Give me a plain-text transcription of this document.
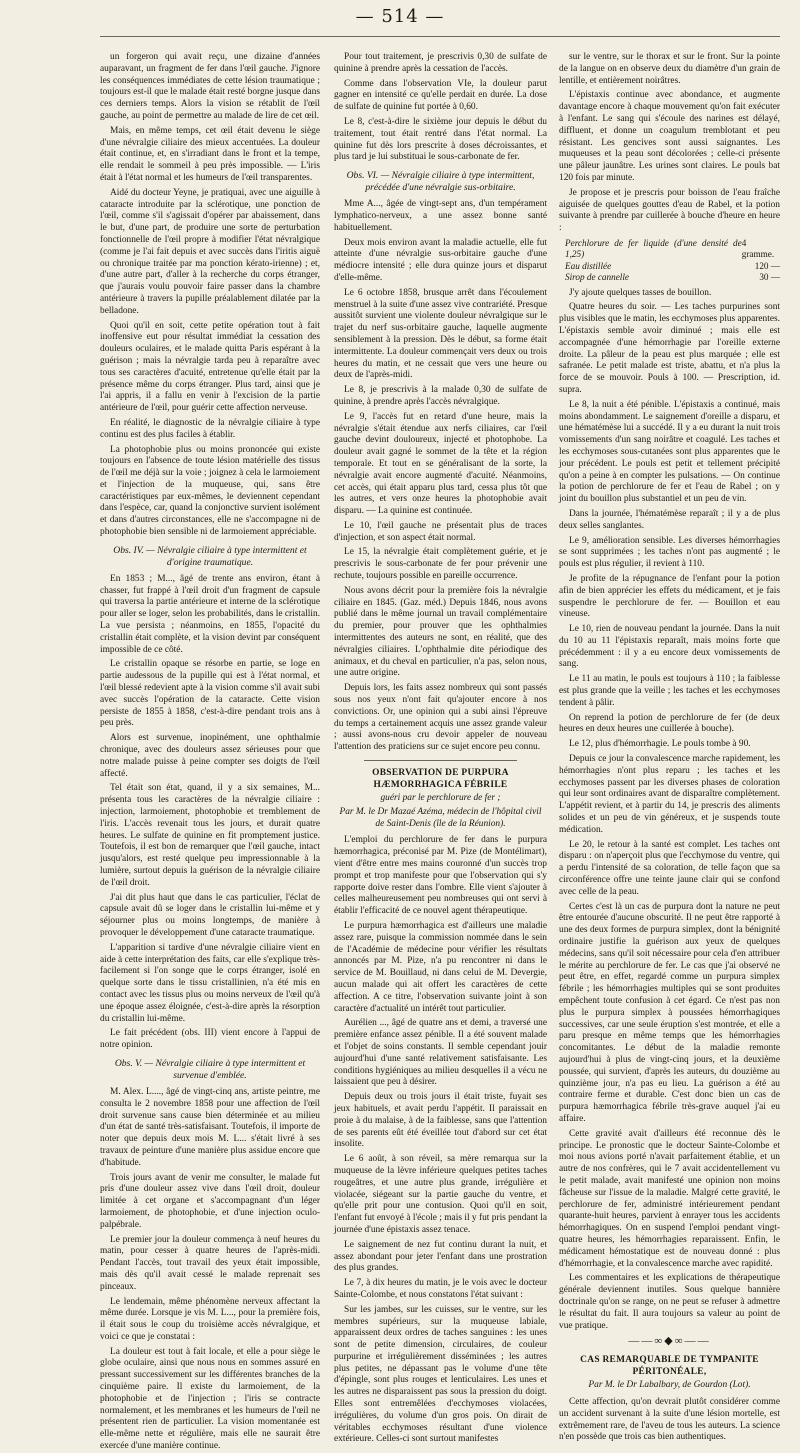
— 514 —

un forgeron qui avait reçu, une dizaine d'années auparavant, un fragment de fer dans l'œil gauche. J'ignore les conséquences immédiates de cette lésion traumatique ; toujours est-il que le malade était resté borgne jusque dans ces derniers temps. Alors la vision se rétablit de l'œil gauche, au point de permettre au malade de lire de cet œil.

Mais, en même temps, cet œil était devenu le siège d'une névralgie ciliaire des mieux accentuées. La douleur était continue, et, en s'irradiant dans le front et la tempe, elle rendait le sommeil à peu près impossible. — L'iris était à l'état normal et les humeurs de l'œil transparentes.

Aidé du docteur Yeyne, je pratiquai, avec une aiguille à cataracte introduite par la sclérotique, une ponction de l'œil, comme s'il s'agissait d'opérer par abaissement, dans le but, d'une part, de produire une sorte de perturbation fonctionnelle de l'œil propre à modifier l'état névralgique (comme je l'ai fait depuis et avec succès dans l'iritis aiguë ou chronique traitée par ma ponction kérato-irienne) ; et, d'une autre part, d'aller à la recherche du corps étranger, que j'aurais voulu pouvoir faire passer dans la chambre antérieure à travers la pupille préalablement dilatée par la belladone.

Quoi qu'il en soit, cette petite opération tout à fait inoffensive eut pour résultat immédiat la cessation des douleurs oculaires, et le malade quitta Paris espérant à la guérison ; mais la névralgie tarda peu à reparaître avec tous ses caractères d'acuité, entretenue qu'elle était par la présence même du corps étranger. Plus tard, ainsi que je l'ai appris, il a fallu en venir à l'excision de la partie antérieure de l'œil, pour guérir cette affection nerveuse.

En réalité, le diagnostic de la névralgie ciliaire à type continu est des plus faciles à établir.

La photophobie plus ou moins prononcée qui existe toujours en l'absence de toute lésion matérielle des tissus de l'œil me déjà sur la voie ; joignez à cela le larmoiement et l'injection de la muqueuse, qui, sans être caractéristiques par eux-mêmes, le deviennent cependant dans l'espèce, car, quand la conjonctive survient isolément et dans d'autres circonstances, elle ne s'accompagne ni de photophobie bien sensible ni de larmoiement appréciable.

Obs. IV. — Névralgie ciliaire à type intermittent et d'origine traumatique.

En 1853 ; M..., âgé de trente ans environ, étant à chasser, fut frappé à l'œil droit d'un fragment de capsule qui traversa la partie antérieure et interne de la sclérotique pour aller se loger, selon les probabilités, dans le cristallin. La vue persista ; néanmoins, en 1855, l'opacité du cristallin était complète, et la vision devint par conséquent impossible de ce côté.

Le cristallin opaque se résorbe en partie, se loge en partie audessous de la pupille qui est à l'état normal, et l'œil blessé redevient apte à la vision comme s'il avait subi avec succès l'opération de la cataracte. Cette vision persiste de 1855 à 1858, c'est-à-dire pendant trois ans à peu près.

Alors est survenue, inopinément, une ophthalmie chronique, avec des douleurs assez sérieuses pour que notre malade puisse à peine compter ses doigts de l'œil affecté.

Tel était son état, quand, il y a six semaines, M... présenta tous les caractères de la névralgie ciliaire : injection, larmoiement, photophobie et tremblement de l'iris. L'accès revenait tous les jours, et durait quatre heures. Le sulfate de quinine en fit promptement justice. Toutefois, il est bon de remarquer que l'œil gauche, intact jusqu'alors, est resté quelque peu impressionnable à la lumière, surtout depuis la guérison de la névralgie ciliaire de l'œil droit.

J'ai dit plus haut que dans le cas particulier, l'éclat de capsule avait dû se loger dans le cristallin lui-même et y séjourner plus ou moins longtemps, de manière à provoquer le développement d'une cataracte traumatique.

L'apparition si tardive d'une névralgie ciliaire vient en aide à cette interprétation des faits, car elle s'explique très-facilement si l'on songe que le corps étranger, isolé en quelque sorte dans le tissu cristallinien, n'a été mis en contact avec les tissus plus ou moins nerveux de l'œil qu'à une époque assez éloignée, c'est-à-dire après la résorption du cristallin lui-même.

Le fait précédent (obs. III) vient encore à l'appui de notre opinion.

Obs. V. — Névralgie ciliaire à type intermittent et survenue d'emblée.

M. Alex. L...., âgé de vingt-cinq ans, artiste peintre, me consulta le 2 novembre 1858 pour une affection de l'œil droit survenue sans cause bien déterminée et au milieu d'un état de santé très-satisfaisant. Toutefois, il importe de noter que depuis deux mois M. L... s'était livré à ses travaux de peinture d'une manière plus assidue encore que d'habitude.

Trois jours avant de venir me consulter, le malade fut pris d'une douleur assez vive dans l'œil droit, douleur limitée à cet organe et s'accompagnant d'un léger larmoiement, de photophobie, et d'une injection oculo-palpébrale.

Le premier jour la douleur commença à neuf heures du matin, pour cesser à quatre heures de l'après-midi. Pendant l'accès, tout travail des yeux était impossible, mais dès qu'il avait cessé le malade reprenait ses pinceaux.

Le lendemain, même phénomène nerveux affectant la même durée. Lorsque je vis M. L..., pour la première fois, il était sous le coup du troisième accès névralgique, et voici ce que je constatai :

La douleur est tout à fait locale, et elle a pour siège le globe oculaire, ainsi que nous nous en sommes assuré en pressant successivement sur les différentes branches de la cinquième paire. Il existe du larmoiement, de la photophobie et de l'injection ; l'iris se contracte normalement, et les membranes et les humeurs de l'œil ne présentent rien de particulier. La vision momentanée est elle-même nette et régulière, mais elle ne saurait être exercée d'une manière continue.

Pour tout traitement, je prescrivis 0,30 de sulfate de quinine à prendre après la cessation de l'accès.

Comme dans l'observation VIe, la douleur parut gagner en intensité ce qu'elle perdait en durée. La dose de sulfate de quinine fut portée à 0,60.

Le 8, c'est-à-dire le sixième jour depuis le début du traitement, tout était rentré dans l'état normal. La quinine fut dès lors prescrite à doses décroissantes, et plus tard je lui substituai le sous-carbonate de fer.

Obs. VI. — Névralgie ciliaire à type intermittent, précédée d'une névralgie sus-orbitaire.

Mme A..., âgée de vingt-sept ans, d'un tempérament lymphatico-nerveux, a une assez bonne santé habituellement.

Deux mois environ avant la maladie actuelle, elle fut atteinte d'une névralgie sus-orbitaire gauche d'une médiocre intensité ; elle dura quinze jours et disparut d'elle-même.

Le 6 octobre 1858, brusque arrêt dans l'écoulement menstruel à la suite d'une assez vive contrariété. Presque aussitôt survient une violente douleur névralgique sur le trajet du nerf sus-orbitaire gauche, laquelle augmente sensiblement à la pression. Dès le début, sa forme était intermittente. La douleur commençait vers deux ou trois heures du matin, et ne cessait que vers une heure ou deux de l'après-midi.

Le 8, je prescrivis à la malade 0,30 de sulfate de quinine, à prendre après l'accès névralgique.

Le 9, l'accès fut en retard d'une heure, mais la névralgie s'était étendue aux nerfs ciliaires, car l'œil gauche devint douloureux, injecté et photophobe. La douleur avait gagné le sommet de la tête et la région temporale. Et tout en se généralisant de la sorte, la névralgie avait encore augmenté d'acuité. Néanmoins, cet accès, qui était apparu plus tard, cessa plus tôt que les autres, et vers onze heures la photophobie avait disparu. — La quinine est continuée.

Le 10, l'œil gauche ne présentait plus de traces d'injection, et son aspect était normal.

Le 15, la névralgie était complètement guérie, et je prescrivis le sous-carbonate de fer pour prévenir une rechute, toujours possible en pareille occurrence.

Nous avons décrit pour la première fois la névralgie ciliaire en 1845. (Gaz. méd.) Depuis 1846, nous avons publié dans le même journal un travail complémentaire du premier, pour prouver que les ophthalmies intermittentes des auteurs ne sont, en réalité, que des névralgies ciliaires. L'ophthalmie dite périodique des animaux, et du cheval en particulier, n'a pas, selon nous, une autre origine.

Depuis lors, les faits assez nombreux qui sont passés sous nos yeux n'ont fait qu'ajouter encore à nos convictions. Or, une opinion qui a subi ainsi l'épreuve du temps a certainement acquis une assez grande valeur ; aussi avons-nous cru devoir appeler de nouveau l'attention des praticiens sur ce sujet encore peu connu.

OBSERVATION DE PURPURA HÆMORRHAGICA FÉBRILE

guéri par le perchlorure de fer ;

Par M. le Dr Mazaé Azéma, médecin de l'hôpital civil de Saint-Denis (île de la Réunion).

L'emploi du perchlorure de fer dans le purpura hæmorrhagica, préconisé par M. Pize (de Montélimart), vient d'être entre mes mains couronné d'un succès trop prompt et trop manifeste pour que l'observation qui s'y rapporte doive rester dans l'ombre. Elle vient s'ajouter à celles malheureusement peu nombreuses qui ont servi à établir l'efficacité de ce nouvel agent thérapeutique.

Le purpura hæmorrhagica est d'ailleurs une maladie assez rare, puisque la commission nommée dans le sein de l'Académie de médecine pour vérifier les résultats annoncés par M. Pize, n'a pu rencontrer ni dans le service de M. Bouillaud, ni dans celui de M. Devergie, aucun malade qui ait offert les caractères de cette affection. A ce titre, l'observation suivante joint à son caractère d'actualité un intérêt tout particulier.

Aurélien ..., âgé de quatre ans et demi, a traversé une première enfance assez pénible. Il a été souvent malade et l'objet de soins constants. Il semble cependant jouir aujourd'hui d'une santé relativement satisfaisante. Les conditions hygiéniques au milieu desquelles il a vécu ne laissaient que peu à désirer.

Depuis deux ou trois jours il était triste, fuyait ses jeux habituels, et avait perdu l'appétit. Il paraissait en proie à du malaise, à de la faiblesse, sans que l'attention de ses parents eût été éveillée tout d'abord sur cet état insolite.

Le 6 août, à son réveil, sa mère remarqua sur la muqueuse de la lèvre inférieure quelques petites taches rougeâtres, et une autre plus grande, irrégulière et violacée, siégeant sur la partie gauche du ventre, et qu'elle prit pour une contusion. Quoi qu'il en soit, l'enfant fut envoyé à l'école ; mais il y fut pris pendant la journée d'une épistaxis assez tenace.

Le saignement de nez fut continu durant la nuit, et assez abondant pour jeter l'enfant dans une prostration des plus grandes.

Le 7, à dix heures du matin, je le vois avec le docteur Sainte-Colombe, et nous constatons l'état suivant :

Sur les jambes, sur les cuisses, sur le ventre, sur les membres supérieurs, sur la muqueuse labiale, apparaissent deux ordres de taches sanguines : les unes sont de petite dimension, circulaires, de couleur purpurine et irrégulièrement disséminées ; les autres plus petites, ne dépassant pas le volume d'une tête d'épingle, sont plus rouges et lenticulaires. Les unes et les autres ne disparaissent pas sous la pression du doigt. Elles sont entremêlées d'ecchymoses violacées, irrégulières, du volume d'un gros pois. On dirait de véritables ecchymoses résultant d'une violence extérieure. Celles-ci sont surtout manifestes

sur le ventre, sur le thorax et sur le front. Sur la pointe de la langue on en observe deux du diamètre d'un grain de lentille, et entièrement noirâtres.

L'épistaxis continue avec abondance, et augmente davantage encore à chaque mouvement qu'on fait exécuter à l'enfant. Le sang qui s'écoule des narines est délayé, diffluent, et donne un coagulum tremblotant et peu résistant. Les gencives sont aussi saignantes. Les muqueuses et la peau sont décolorées ; celle-ci présente une pâleur jaunâtre. Les urines sont claires. Le pouls bat 120 fois par minute.

Je propose et je prescris pour boisson de l'eau fraîche aiguisée de quelques gouttes d'eau de Rabel, et la potion suivante à prendre par cuillerée à bouche d'heure en heure :

Perchlorure de fer liquide (d'une densité de 1,25)
4 gramme.
Eau distillée	120 —
Sirop de cannelle	30 —

J'y ajoute quelques tasses de bouillon.

Quatre heures du soir. — Les taches purpurines sont plus visibles que le matin, les ecchymoses plus apparentes. L'épistaxis semble avoir diminué ; mais elle est accompagnée d'une hémorrhagie par l'oreille externe droite. La pâleur de la peau est plus marquée ; elle est safranée. Le petit malade est triste, abattu, et n'a plus la force de se mouvoir. Pouls à 100. — Prescription, id. supra.

Le 8, la nuit a été pénible. L'épistaxis a continué, mais moins abondamment. Le saignement d'oreille a disparu, et une hématémèse lui a succédé. Il y a eu durant la nuit trois vomissements d'un sang noirâtre et coagulé. Les taches et les ecchymoses sous-cutanées sont plus apparentes que le jour précédent. Le pouls est petit et tellement précipité qu'on a peine à en compter les pulsations. — On continue la potion de perchlorure de fer et l'eau de Rabel ; on y joint du bouillon plus substantiel et un peu de vin.

Dans la journée, l'hématémèse reparaît ; il y a de plus deux selles sanglantes.

Le 9, amélioration sensible. Les diverses hémorrhagies se sont supprimées ; les taches n'ont pas augmenté ; le pouls est plus régulier, il revient à 110.

Je profite de la répugnance de l'enfant pour la potion afin de bien apprécier les effets du médicament, et je fais suspendre le perchlorure de fer. — Bouillon et eau vineuse.

Le 10, rien de nouveau pendant la journée. Dans la nuit du 10 au 11 l'épistaxis reparaît, mais moins forte que précédemment : il y a eu encore deux vomissements de sang.

Le 11 au matin, le pouls est toujours à 110 ; la faiblesse est plus grande que la veille ; les taches et les ecchymoses tendent à pâlir.

On reprend la potion de perchlorure de fer (de deux heures en deux heures une cuillerée à bouche).

Le 12, plus d'hémorrhagie. Le pouls tombe à 90.

Depuis ce jour la convalescence marche rapidement, les hémorrhagies n'ont plus reparu ; les taches et les ecchymoses passent par les diverses phases de coloration qui leur sont ordinaires avant de disparaître complètement. L'appétit revient, et à partir du 14, je prescris des aliments solides et un peu de vin généreux, et je suspends toute médication.

Le 20, le retour à la santé est complet. Les taches ont disparu : on n'aperçoit plus que l'ecchymose du ventre, qui a perdu l'intensité de sa coloration, de telle façon que sa circonférence offre une teinte jaune clair qui se confond avec celle de la peau.

Certes c'est là un cas de purpura dont la nature ne peut être entourée d'aucune obscurité. Il ne peut être rapporté à une des deux formes de purpura simplex, dont la bénignité ordinaire justifie la guérison aux yeux de quelques médecins, sans qu'il soit nécessaire pour cela d'en attribuer le mérite au perchlorure de fer. Le cas que j'ai observé ne peut être, en effet, regardé comme un purpura simplex fébrile ; les hémorrhagies multiples qui se sont produites empêchent toute confusion à cet égard. Ce n'est pas non plus le purpura simplex à poussées hémorrhagiques successives, car une seule éruption s'est montrée, et elle a paru presque en même temps que les hémorrhagies concomitantes. Le début de la maladie remonte aujourd'hui à plus de vingt-cinq jours, et la deuxième poussée, qui survient, d'après les auteurs, du douzième au quinzième jour, n'a pas eu lieu. La guérison a été au contraire ferme et durable. C'est donc bien un cas de purpura hæmorrhagica fébrile très-grave auquel j'ai eu affaire.

Cette gravité avait d'ailleurs été reconnue dès le principe. Le pronostic que le docteur Sainte-Colombe et moi nous avions porté n'avait parfaitement établie, et un autre de nos confrères, qui le 7 avait accidentellement vu le petit malade, avait manifesté une opinion non moins fâcheuse sur l'issue de la maladie. Malgré cette gravité, le perchlorure de fer, administré intérieurement pendant quarante-huit heures, parvient à enrayer tous les accidents hémorrhagiques. On en suspend l'emploi pendant vingt-quatre heures, les hémorrhagies reparaissent. Enfin, le médicament hémostatique est de nouveau donné : plus d'hémorrhagie, et la convalescence marche avec rapidité.

Les commentaires et les explications de thérapeutique générale deviennent inutiles. Sous quelque bannière doctrinale qu'on se range, on ne peut se refuser à admettre le résultat du fait. Il aura toujours sa valeur au point de vue pratique.

——∞◆∞——
CAS REMARQUABLE DE TYMPANITE PÉRITONÉALE,

Par M. le Dr Labalbary, de Gourdon (Lot).

Cette affection, qu'on devrait plutôt considérer comme un accident survenant à la suite d'une lésion mortelle, est extrêmement rare, de l'aveu de tous les auteurs. La science n'en possède que trois cas bien authentiques.
